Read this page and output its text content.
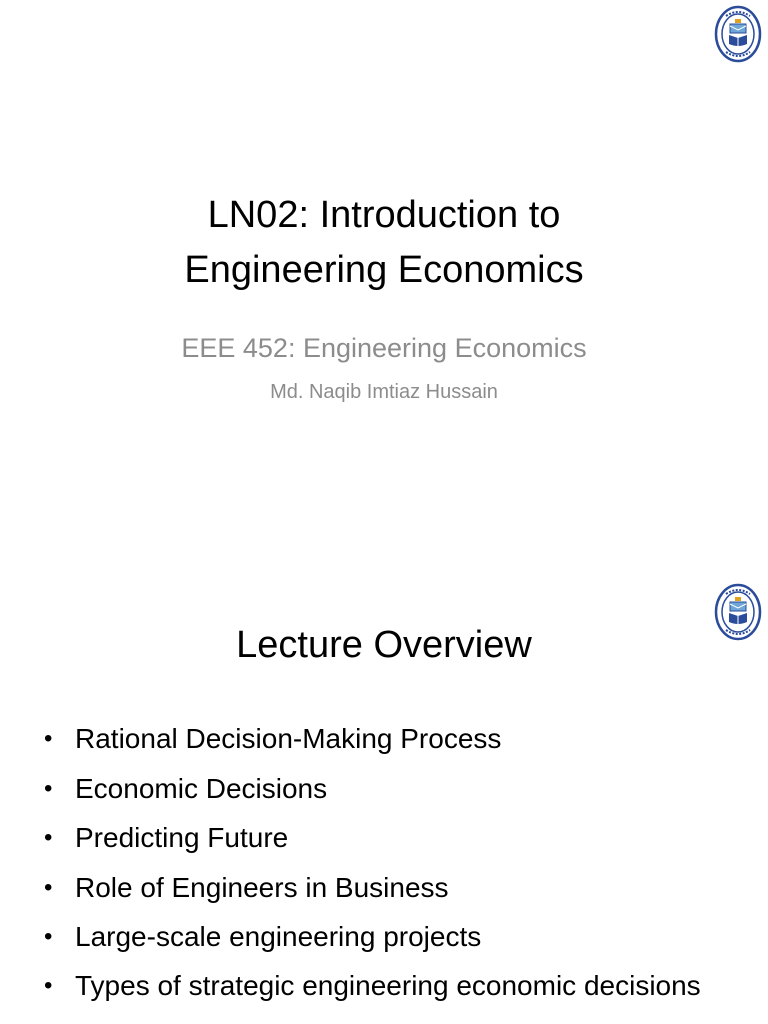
LN02: Introduction to
Engineering Economics
EEE 452: Engineering Economics
Md. Naqib Imtiaz Hussain
Lecture Overview
• Rational Decision-Making Process
• Economic Decisions
• Predicting Future
• Role of Engineers in Business
• Large-scale engineering projects
• Types of strategic engineering economic decisions
